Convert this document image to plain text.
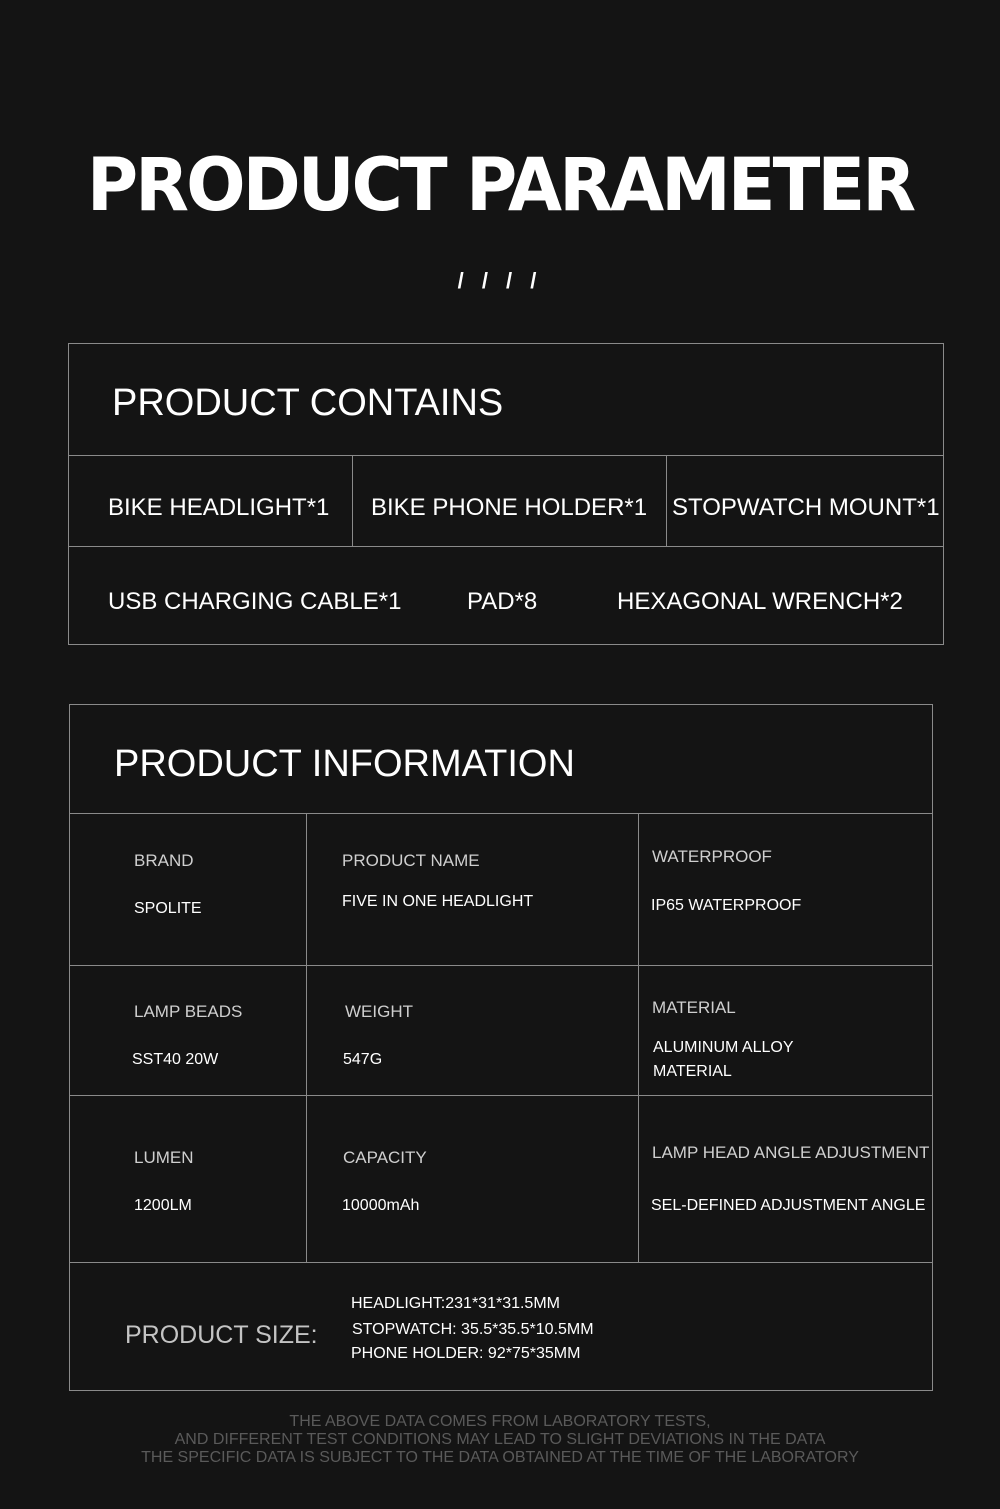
PRODUCT PARAMETER
/ / / /
PRODUCT CONTAINS
BIKE HEADLIGHT*1 BIKE PHONE HOLDER*1 STOPWATCH MOUNT*1
USB CHARGING CABLE*1	PAD*8	HEXAGONAL WRENCH*2
PRODUCT INFORMATION
BRAND
SPOLITE
PRODUCT NAME
FIVE IN ONE HEADLIGHT
WATERPROOF
IP65 WATERPROOF
LAMP BEADS
SST40 20W
WEIGHT
547G
MATERIAL
ALUMINUM ALLOY
MATERIAL
LUMEN
1200LM
CAPACITY
10000mAh
LAMP HEAD ANGLE ADJUSTMENT
SEL-DEFINED ADJUSTMENT ANGLE
PRODUCT SIZE:
HEADLIGHT:231*31*31.5MM
STOPWATCH: 35.5*35.5*10.5MM
PHONE HOLDER: 92*75*35MM
THE ABOVE DATA COMES FROM LABORATORY TESTS,
AND DIFFERENT TEST CONDITIONS MAY LEAD TO SLIGHT DEVIATIONS IN THE DATA
THE SPECIFIC DATA IS SUBJECT TO THE DATA OBTAINED AT THE TIME OF THE LABORATORY
